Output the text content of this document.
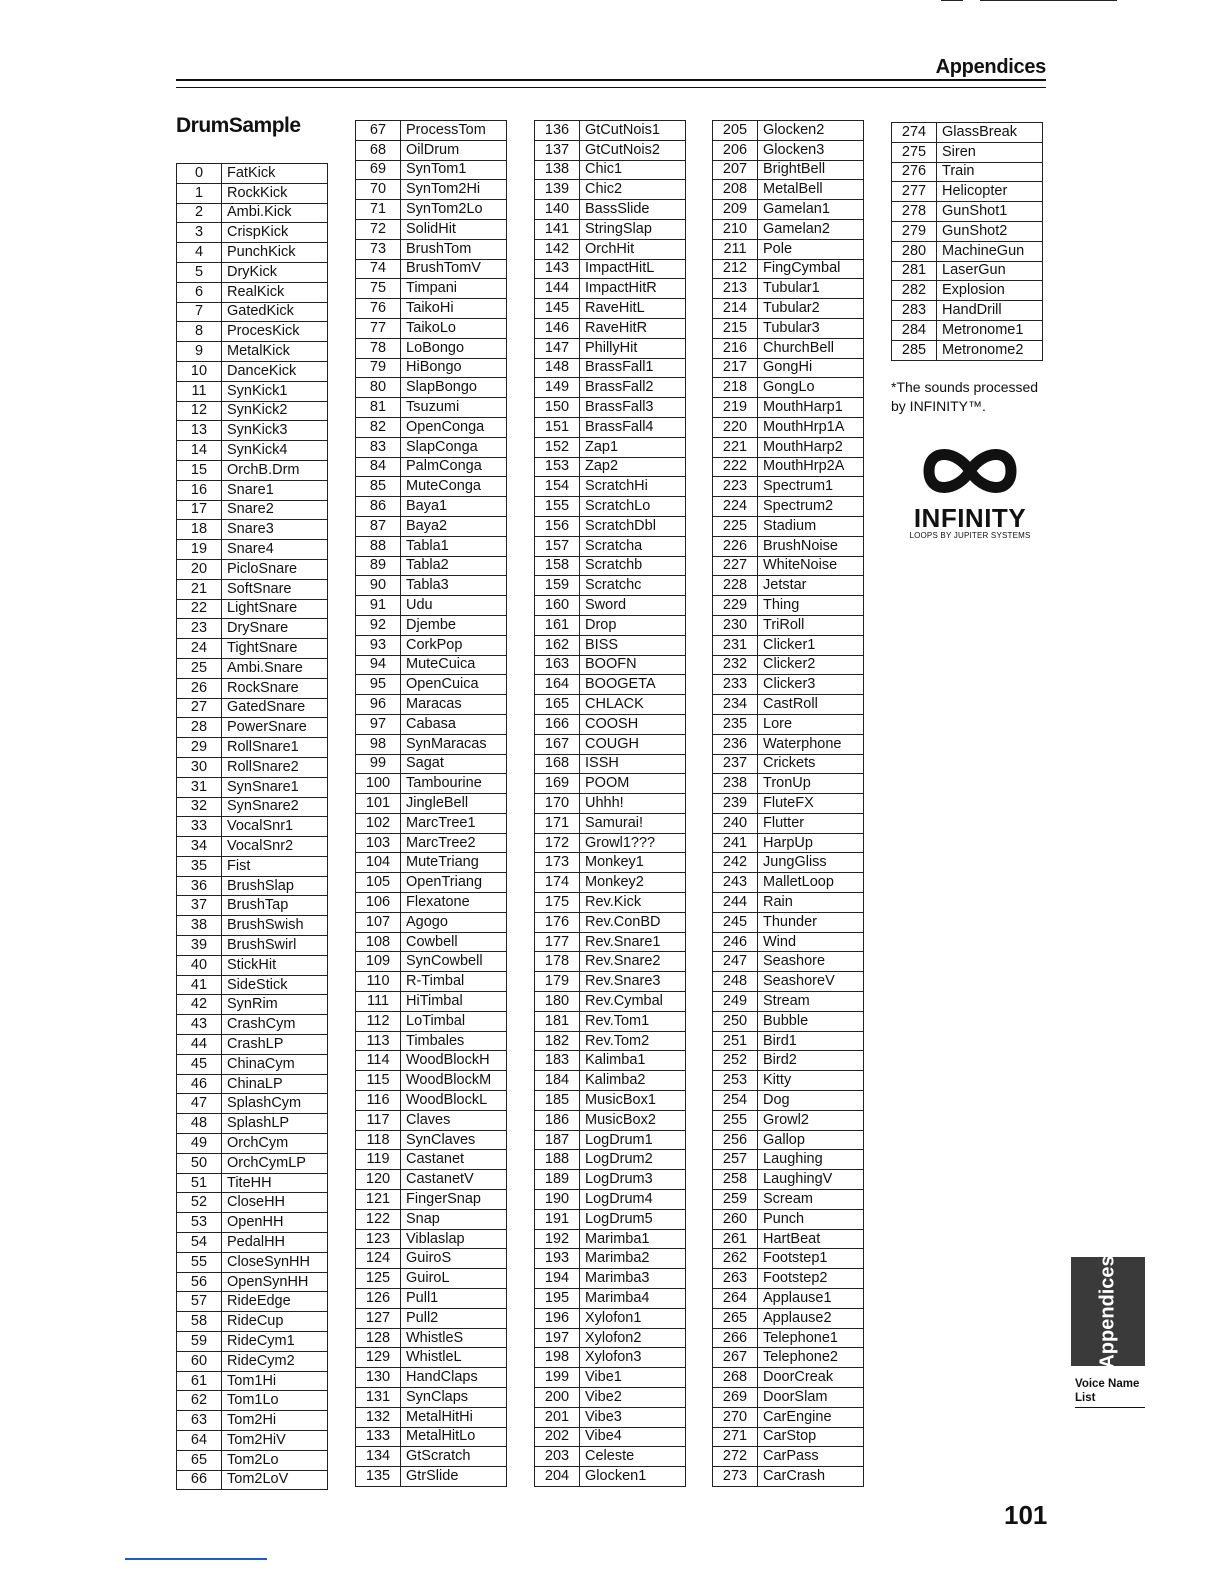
Appendices
DrumSample
0	FatKick
1	RockKick
2	Ambi.Kick
3	CrispKick
4	PunchKick
5	DryKick
6	RealKick
7	GatedKick
8	ProcesKick
9	MetalKick
10	DanceKick
11	SynKick1
12	SynKick2
13	SynKick3
14	SynKick4
15	OrchB.Drm
16	Snare1
17	Snare2
18	Snare3
19	Snare4
20	PicloSnare
21	SoftSnare
22	LightSnare
23	DrySnare
24	TightSnare
25	Ambi.Snare
26	RockSnare
27	GatedSnare
28	PowerSnare
29	RollSnare1
30	RollSnare2
31	SynSnare1
32	SynSnare2
33	VocalSnr1
34	VocalSnr2
35	Fist
36	BrushSlap
37	BrushTap
38	BrushSwish
39	BrushSwirl
40	StickHit
41	SideStick
42	SynRim
43	CrashCym
44	CrashLP
45	ChinaCym
46	ChinaLP
47	SplashCym
48	SplashLP
49	OrchCym
50	OrchCymLP
51	TiteHH
52	CloseHH
53	OpenHH
54	PedalHH
55	CloseSynHH
56	OpenSynHH
57	RideEdge
58	RideCup
59	RideCym1
60	RideCym2
61	Tom1Hi
62	Tom1Lo
63	Tom2Hi
64	Tom2HiV
65	Tom2Lo
66	Tom2LoV
67	ProcessTom
68	OilDrum
69	SynTom1
70	SynTom2Hi
71	SynTom2Lo
72	SolidHit
73	BrushTom
74	BrushTomV
75	Timpani
76	TaikoHi
77	TaikoLo
78	LoBongo
79	HiBongo
80	SlapBongo
81	Tsuzumi
82	OpenConga
83	SlapConga
84	PalmConga
85	MuteConga
86	Baya1
87	Baya2
88	Tabla1
89	Tabla2
90	Tabla3
91	Udu
92	Djembe
93	CorkPop
94	MuteCuica
95	OpenCuica
96	Maracas
97	Cabasa
98	SynMaracas
99	Sagat
100	Tambourine
101	JingleBell
102	MarcTree1
103	MarcTree2
104	MuteTriang
105	OpenTriang
106	Flexatone
107	Agogo
108	Cowbell
109	SynCowbell
110	R-Timbal
111	HiTimbal
112	LoTimbal
113	Timbales
114	WoodBlockH
115	WoodBlockM
116	WoodBlockL
117	Claves
118	SynClaves
119	Castanet
120	CastanetV
121	FingerSnap
122	Snap
123	Viblaslap
124	GuiroS
125	GuiroL
126	Pull1
127	Pull2
128	WhistleS
129	WhistleL
130	HandClaps
131	SynClaps
132	MetalHitHi
133	MetalHitLo
134	GtScratch
135	GtrSlide
136	GtCutNois1
137	GtCutNois2
138	Chic1
139	Chic2
140	BassSlide
141	StringSlap
142	OrchHit
143	ImpactHitL
144	ImpactHitR
145	RaveHitL
146	RaveHitR
147	PhillyHit
148	BrassFall1
149	BrassFall2
150	BrassFall3
151	BrassFall4
152	Zap1
153	Zap2
154	ScratchHi
155	ScratchLo
156	ScratchDbl
157	Scratcha
158	Scratchb
159	Scratchc
160	Sword
161	Drop
162	BISS
163	BOOFN
164	BOOGETA
165	CHLACK
166	COOSH
167	COUGH
168	ISSH
169	POOM
170	Uhhh!
171	Samurai!
172	Growl1???
173	Monkey1
174	Monkey2
175	Rev.Kick
176	Rev.ConBD
177	Rev.Snare1
178	Rev.Snare2
179	Rev.Snare3
180	Rev.Cymbal
181	Rev.Tom1
182	Rev.Tom2
183	Kalimba1
184	Kalimba2
185	MusicBox1
186	MusicBox2
187	LogDrum1
188	LogDrum2
189	LogDrum3
190	LogDrum4
191	LogDrum5
192	Marimba1
193	Marimba2
194	Marimba3
195	Marimba4
196	Xylofon1
197	Xylofon2
198	Xylofon3
199	Vibe1
200	Vibe2
201	Vibe3
202	Vibe4
203	Celeste
204	Glocken1
205	Glocken2
206	Glocken3
207	BrightBell
208	MetalBell
209	Gamelan1
210	Gamelan2
211	Pole
212	FingCymbal
213	Tubular1
214	Tubular2
215	Tubular3
216	ChurchBell
217	GongHi
218	GongLo
219	MouthHarp1
220	MouthHrp1A
221	MouthHarp2
222	MouthHrp2A
223	Spectrum1
224	Spectrum2
225	Stadium
226	BrushNoise
227	WhiteNoise
228	Jetstar
229	Thing
230	TriRoll
231	Clicker1
232	Clicker2
233	Clicker3
234	CastRoll
235	Lore
236	Waterphone
237	Crickets
238	TronUp
239	FluteFX
240	Flutter
241	HarpUp
242	JungGliss
243	MalletLoop
244	Rain
245	Thunder
246	Wind
247	Seashore
248	SeashoreV
249	Stream
250	Bubble
251	Bird1
252	Bird2
253	Kitty
254	Dog
255	Growl2
256	Gallop
257	Laughing
258	LaughingV
259	Scream
260	Punch
261	HartBeat
262	Footstep1
263	Footstep2
264	Applause1
265	Applause2
266	Telephone1
267	Telephone2
268	DoorCreak
269	DoorSlam
270	CarEngine
271	CarStop
272	CarPass
273	CarCrash
274	GlassBreak
275	Siren
276	Train
277	Helicopter
278	GunShot1
279	GunShot2
280	MachineGun
281	LaserGun
282	Explosion
283	HandDrill
284	Metronome1
285	Metronome2
*The sounds processed by INFINITY™.
INFINITY
LOOPS BY JUPITER SYSTEMS
Appendices
Voice Name List
101
